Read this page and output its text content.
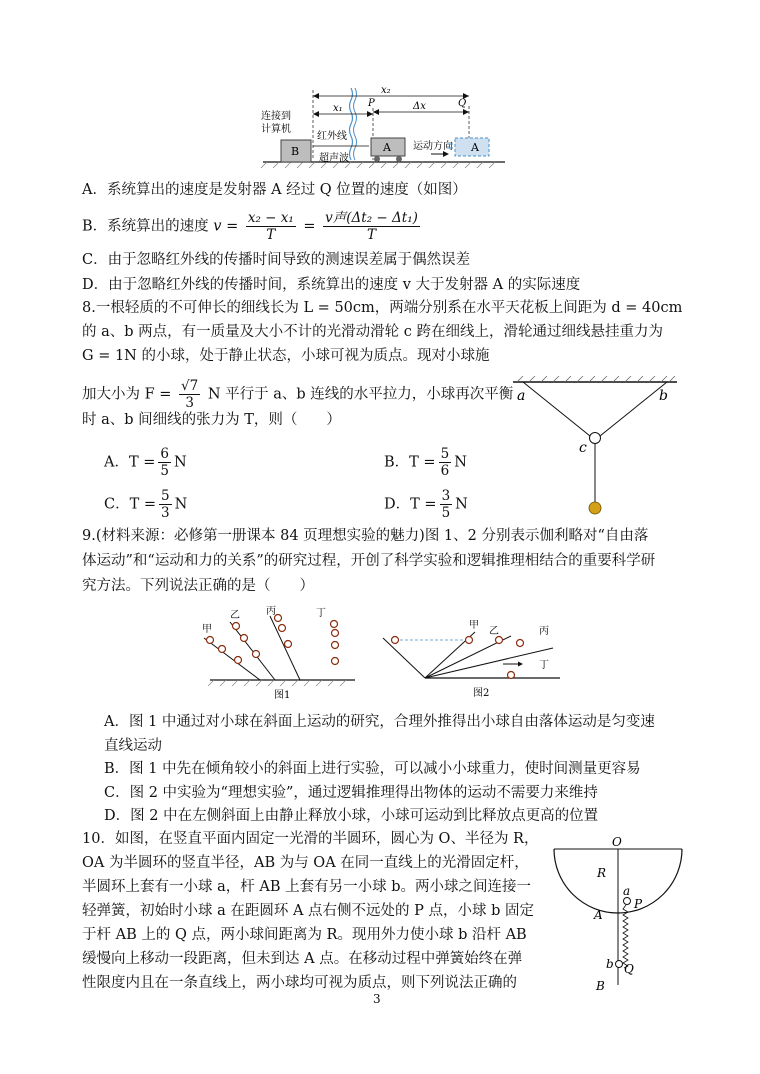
B
x₂
x₁	P	Q
Δx
连接到
计算机
红外线
超声波
A 运动方向 A
A．系统算出的速度是发射器 A 经过 Q 位置的速度（如图）
B．系统算出的速度 $v = \frac{\text{x₂ − x₁}}{T} = \frac{\text{v声(Δt₂ − Δt₁)}}{T}$
C．由于忽略红外线的传播时间导致的测速误差属于偶然误差
D．由于忽略红外线的传播时间，系统算出的速度 v 大于发射器 A 的实际速度
8.一根轻质的不可伸长的细线长为 L = 50cm，两端分别系在水平天花板上间距为 d = 40cm
的 a、b 两点，有一质量及大小不计的光滑动滑轮 c 跨在细线上，滑轮通过细线悬挂重力为
G = 1N 的小球，处于静止状态，小球可视为质点。现对小球施
加大小为 $F = \frac{√7}{3}$ N 平行于 a、b 连线的水平拉力，小球再次平衡
时 a、b 间细线的张力为 T，则（　　）
A．$T = \frac{6}{5}$ N	B．$T = \frac{5}{6}$ N
C．$T = \frac{5}{3}$ N	D．$T = \frac{3}{5}$ N
a	b
c
9.(材料来源：必修第一册课本 84 页理想实验的魅力)图 1、2 分别表示伽利略对“自由落
体运动”和“运动和力的关系”的研究过程，开创了科学实验和逻辑推理相结合的重要科学研
究方法。下列说法正确的是（　　）
甲
乙	丙	丁
图1
甲
乙	丙
丁
图2
A．图 1 中通过对小球在斜面上运动的研究，合理外推得出小球自由落体运动是匀变速
直线运动
B．图 1 中先在倾角较小的斜面上进行实验，可以减小小球重力，使时间测量更容易
C．图 2 中实验为“理想实验”，通过逻辑推理得出物体的运动不需要力来维持
D．图 2 中在左侧斜面上由静止释放小球，小球可运动到比释放点更高的位置
10．如图，在竖直平面内固定一光滑的半圆环，圆心为 O、半径为 R，
OA 为半圆环的竖直半径，AB 为与 OA 在同一直线上的光滑固定杆，
半圆环上套有一小球 a，杆 AB 上套有另一小球 b。两小球之间连接一
轻弹簧，初始时小球 a 在距圆环 A 点右侧不远处的 P 点，小球 b 固定
于杆 AB 上的 Q 点，两小球间距离为 R。现用外力使小球 b 沿杆 AB
缓慢向上移动一段距离，但未到达 A 点。在移动过程中弹簧始终在弹
性限度内且在一条直线上，两小球均可视为质点，则下列说法正确的
O
R
a
P
A
b Q
B
3
